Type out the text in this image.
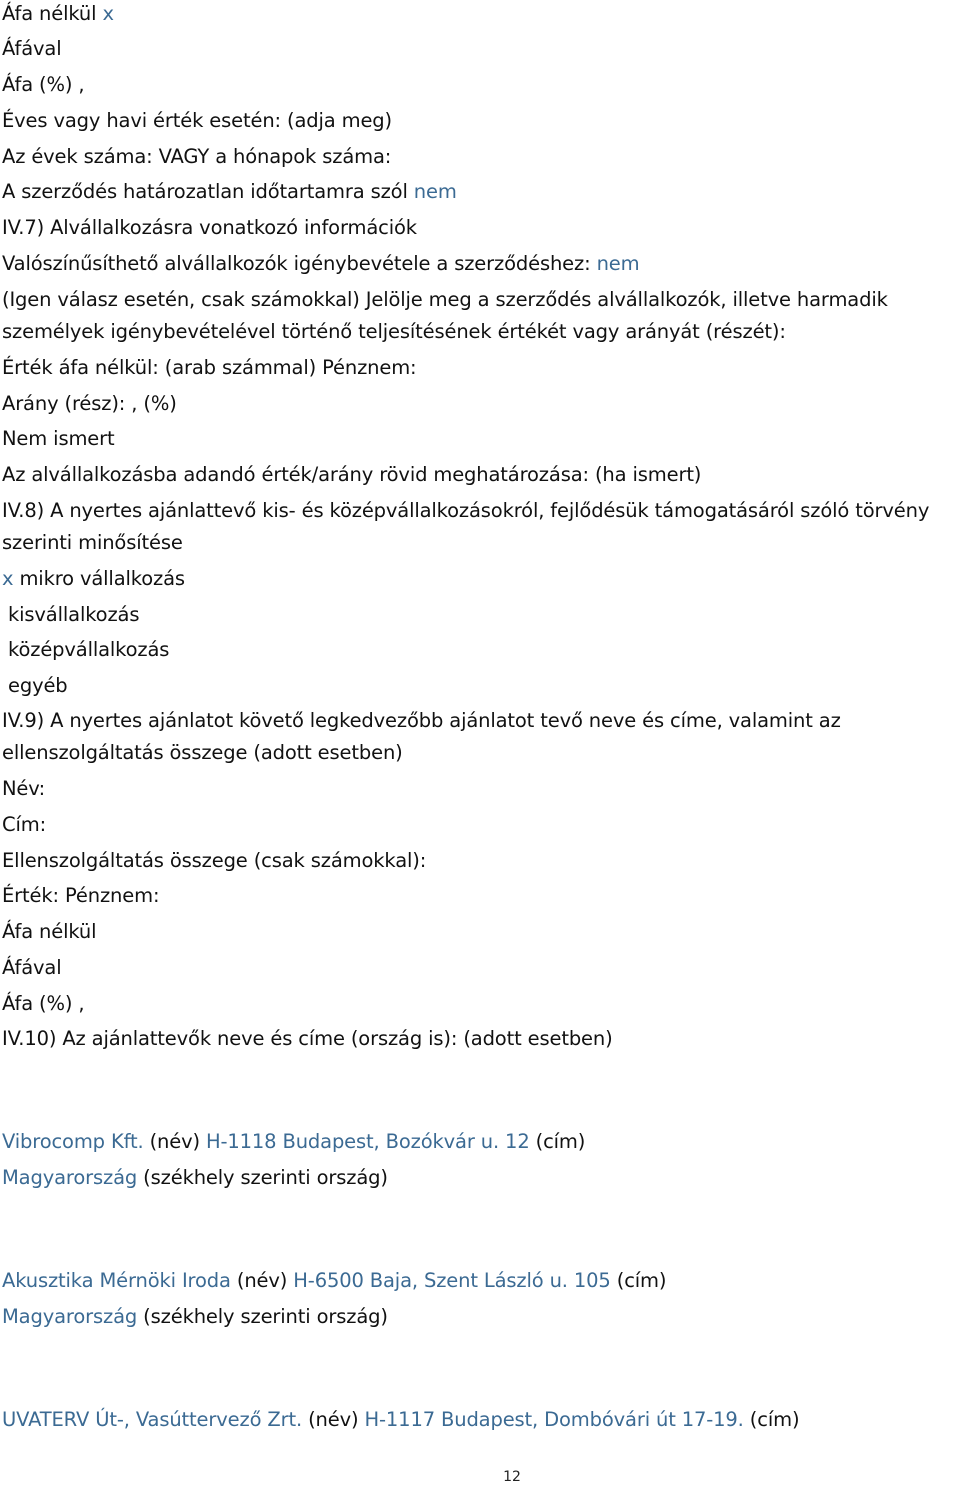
Áfa nélkül x
Áfával
Áfa (%) ,
Éves vagy havi érték esetén: (adja meg)
Az évek száma: VAGY a hónapok száma:
A szerződés határozatlan időtartamra szól nem
IV.7) Alvállalkozásra vonatkozó információk
Valószínűsíthető alvállalkozók igénybevétele a szerződéshez: nem
(Igen válasz esetén, csak számokkal) Jelölje meg a szerződés alvállalkozók, illetve harmadik
személyek igénybevételével történő teljesítésének értékét vagy arányát (részét):
Érték áfa nélkül: (arab számmal) Pénznem:
Arány (rész): , (%)
Nem ismert
Az alvállalkozásba adandó érték/arány rövid meghatározása: (ha ismert)
IV.8) A nyertes ajánlattevő kis- és középvállalkozásokról, fejlődésük támogatásáról szóló törvény
szerinti minősítése
x mikro vállalkozás
kisvállalkozás
középvállalkozás
egyéb
IV.9) A nyertes ajánlatot követő legkedvezőbb ajánlatot tevő neve és címe, valamint az
ellenszolgáltatás összege (adott esetben)
Név:
Cím:
Ellenszolgáltatás összege (csak számokkal):
Érték: Pénznem:
Áfa nélkül
Áfával
Áfa (%) ,
IV.10) Az ajánlattevők neve és címe (ország is): (adott esetben)
Vibrocomp Kft. (név) H-1118 Budapest, Bozókvár u. 12 (cím)
Magyarország (székhely szerinti ország)
Akusztika Mérnöki Iroda (név) H-6500 Baja, Szent László u. 105 (cím)
Magyarország (székhely szerinti ország)
UVATERV Út-, Vasúttervező Zrt. (név) H-1117 Budapest, Dombóvári út 17-19. (cím)
12
